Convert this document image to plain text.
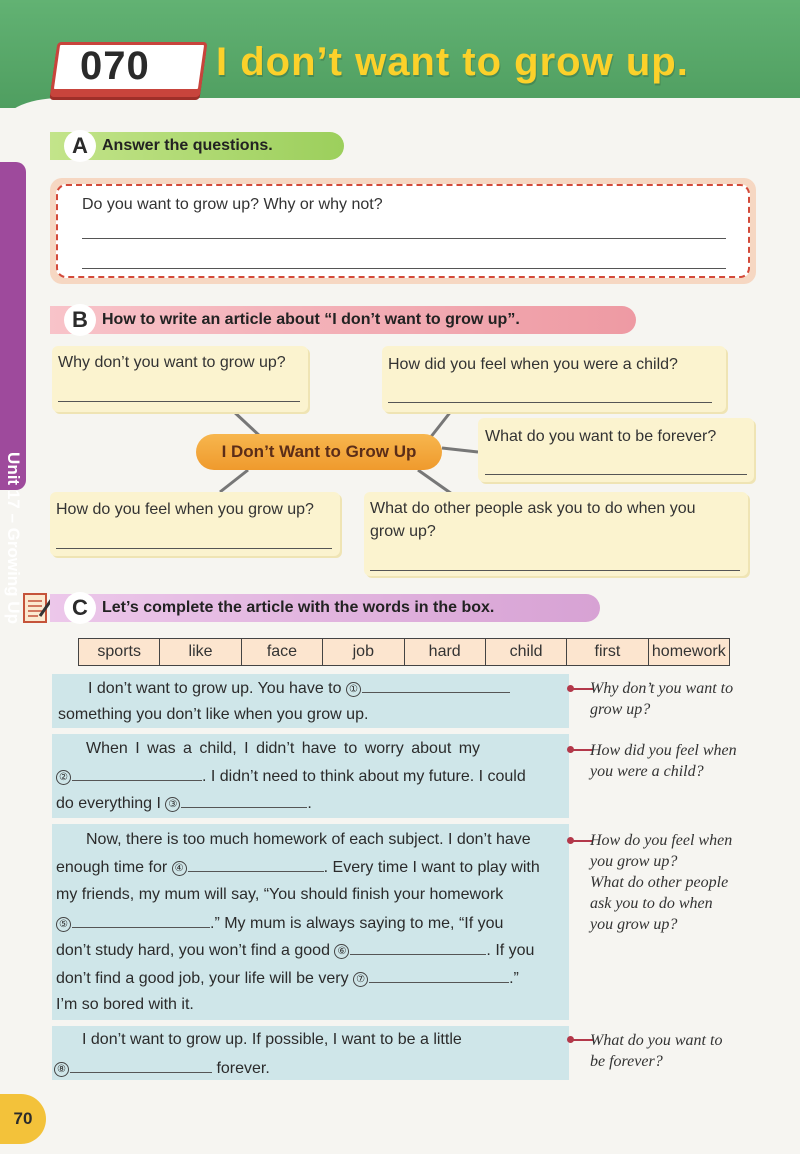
070 I don’t want to grow up.
Unit 17 – Growing Up
A Answer the questions.
Do you want to grow up? Why or why not?
B How to write an article about “I don’t want to grow up”.
Why don’t you want to grow up?	How did you feel when you were a child?
What do you want to be forever?
I Don’t Want to Grow Up
How do you feel when you grow up?	What do other people ask you to do when you
grow up?
C Let’s complete the article with the words in the box.
sports	like	face	job	hard	child	first	homework
I don’t want to grow up. You have to ①
something you don’t like when you grow up.
When I was a child, I didn’t have to worry about my
②	. I didn’t need to think about my future. I could
do everything I ③	.
Now, there is too much homework of each subject. I don’t have
enough time for ④	. Every time I want to play with
my friends, my mum will say, “You should finish your homework
⑤	.” My mum is always saying to me, “If you
don’t study hard, you won’t find a good ⑥	. If you
don’t find a good job, your life will be very ⑦	.”
I’m so bored with it.
I don’t want to grow up. If possible, I want to be a little
⑧	forever.
Why don’t you want to
grow up?
How did you feel when
you were a child?
How do you feel when
you grow up?
What do other people
ask you to do when
you grow up?
What do you want to
be forever?
70
